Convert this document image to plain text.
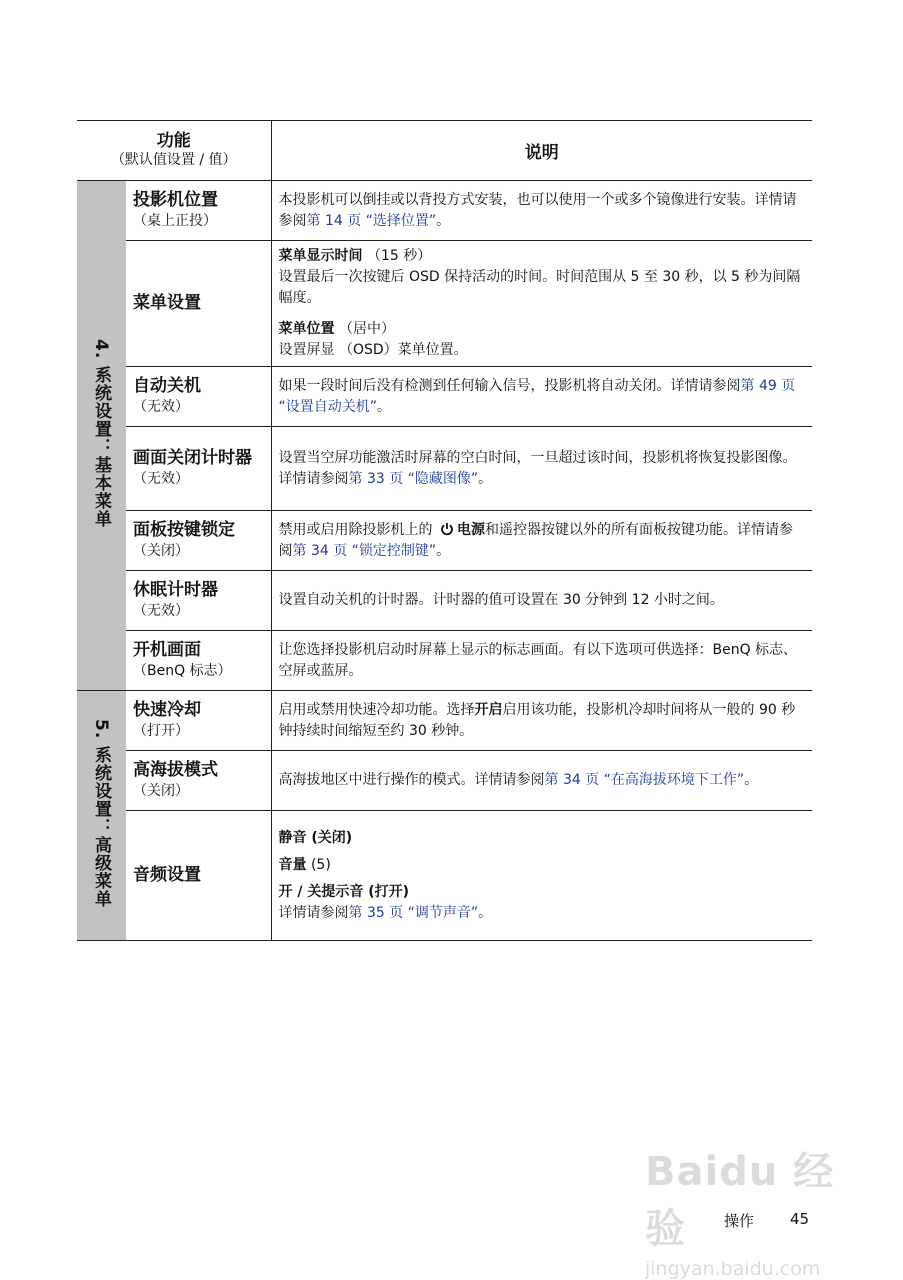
功能
（默认值设置 / 值）		说明
4. 系统设置：基本菜单	投影机位置
（桌上正投）	本投影机可以倒挂或以背投方式安装，也可以使用一个或多个镜像进行安装。详情请参阅第 14 页 “选择位置”。

	菜单设置	菜单显示时间 （15 秒）

设置最后一次按键后 OSD 保持活动的时间。时间范围从 5 至 30 秒，以 5 秒为间隔幅度。

菜单位置 （居中）

设置屏显 （OSD）菜单位置。

	自动关机
（无效）	如果一段时间后没有检测到任何输入信号，投影机将自动关闭。详情请参阅第 49 页 “设置自动关机”。

	画面关闭计时器
（无效）	设置当空屏功能激活时屏幕的空白时间，一旦超过该时间，投影机将恢复投影图像。详情请参阅第 33 页 “隐藏图像”。

	面板按键锁定
（关闭）	禁用或启用除投影机上的 电源和遥控器按键以外的所有面板按键功能。详情请参阅第 34 页 “锁定控制键”。

	休眠计时器
（无效）	设置自动关机的计时器。计时器的值可设置在 30 分钟到 12 小时之间。

	开机画面
（BenQ 标志）	让您选择投影机启动时屏幕上显示的标志画面。有以下选项可供选择：BenQ 标志、空屏或蓝屏。

5. 系统设置：高级菜单	快速冷却
（打开）	启用或禁用快速冷却功能。选择开启启用该功能，投影机冷却时间将从一般的 90 秒钟持续时间缩短至约 30 秒钟。

	高海拔模式
（关闭）	高海拔地区中进行操作的模式。详情请参阅第 34 页 “在高海拔环境下工作”。

	音频设置	静音 (关闭)

音量 (5)

开 / 关提示音 (打开)

详情请参阅第 35 页 “调节声音”。

操作 45
Baidu 经验
jingyan.baidu.com
